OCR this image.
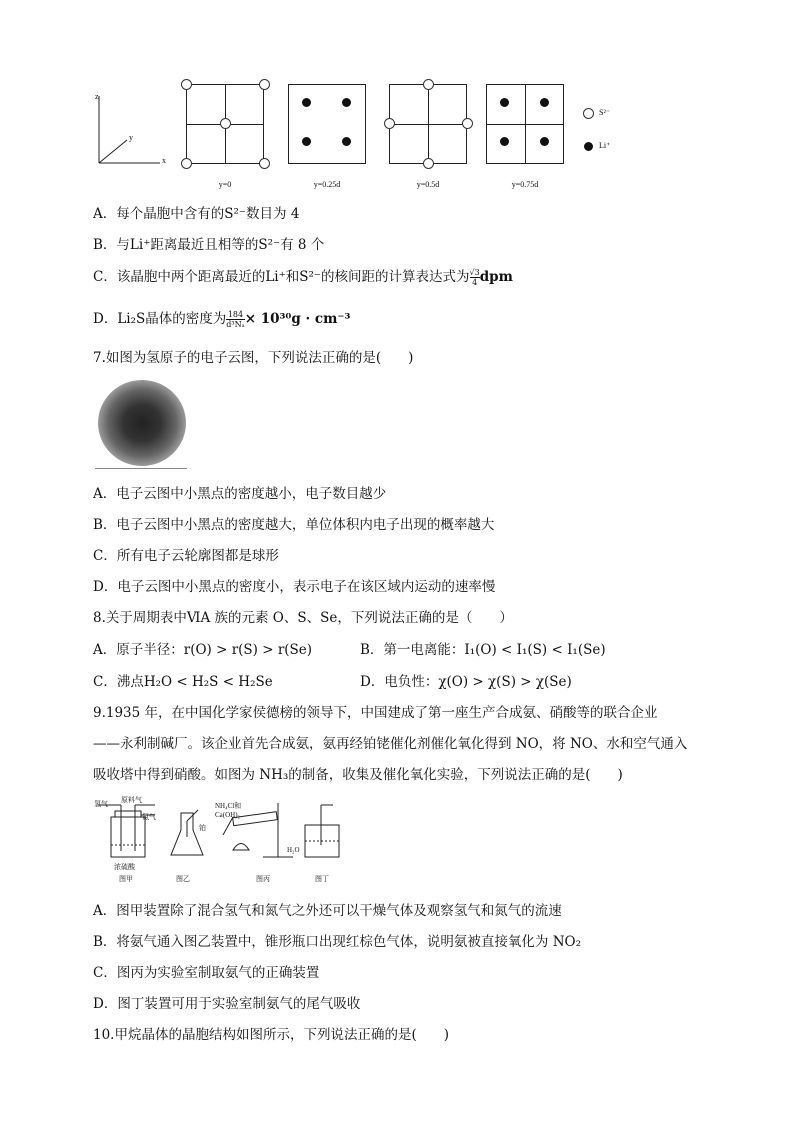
z
y
x
y=0	y=0.25d	y=0.5d	y=0.75d
S²⁻
Li⁺
A．每个晶胞中含有的S²⁻数目为 4
B．与Li⁺距离最近且相等的S²⁻有 8 个
C．该晶胞中两个距离最近的Li⁺和S²⁻的核间距的计算表达式为 $\frac{√3}{4}$ dpm
D．Li₂S晶体的密度为 $\frac{184}{\text{d³Nₐ}} \times 10^{30}g \cdot cm^{-3}$
7.如图为氢原子的电子云图，下列说法正确的是(　　)
A．电子云图中小黑点的密度越小，电子数目越少
B．电子云图中小黑点的密度越大，单位体积内电子出现的概率越大
C．所有电子云轮廓图都是球形
D．电子云图中小黑点的密度小，表示电子在该区域内运动的速率慢
8.关于周期表中ⅥA 族的元素 O、S、Se，下列说法正确的是（　　）
A．原子半径：r(O) > r(S) > r(Se)	B．第一电离能：I₁(O) < I₁(S) < I₁(Se)
C．沸点H₂O < H₂S < H₂Se	D．电负性：χ(O) > χ(S) > χ(Se)
9.1935 年，在中国化学家侯德榜的领导下，中国建成了第一座生产合成氨、硝酸等的联合企业
——永利制碱厂。该企业首先合成氨，氨再经铂铑催化剂催化氧化得到 NO，将 NO、水和空气通入
吸收塔中得到硝酸。如图为 NH₃的制备，收集及催化氧化实验，下列说法正确的是(　　)
氢气 原料气
氮气
浓硫酸
铂
NH₄Cl和
Ca(OH)₂
H₂O
图甲	图乙	图丙	图丁
A．图甲装置除了混合氢气和氮气之外还可以干燥气体及观察氢气和氮气的流速
B．将氨气通入图乙装置中，锥形瓶口出现红棕色气体，说明氨被直接氧化为 NO₂
C．图丙为实验室制取氨气的正确装置
D．图丁装置可用于实验室制氨气的尾气吸收
10.甲烷晶体的晶胞结构如图所示，下列说法正确的是(　　)
